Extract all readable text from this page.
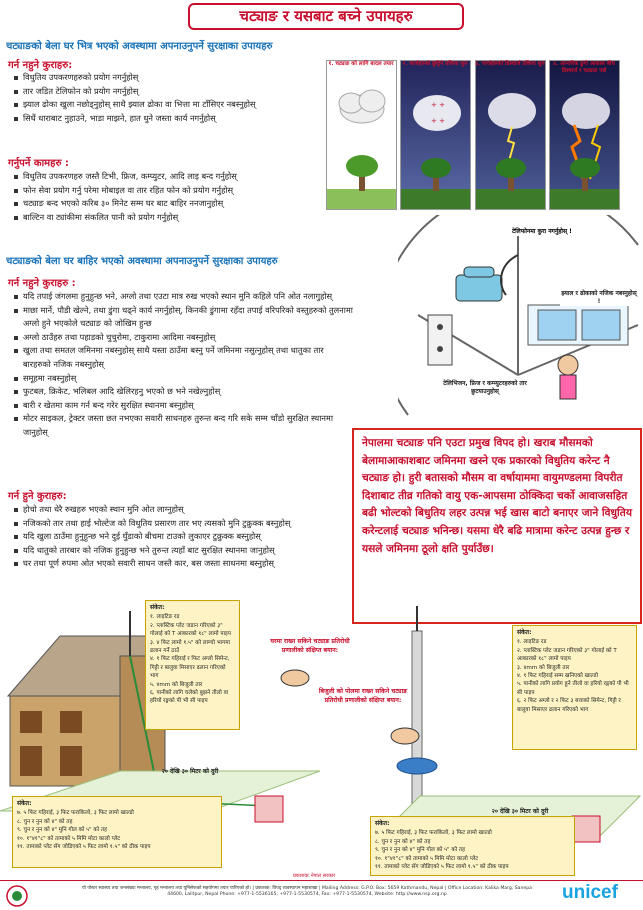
चट्याङ र यसबाट बच्ने उपायहरु
चट्याङको बेला घर भित्र भएको अवस्थामा अपनाउनुपर्ने सुरक्षाका उपायहरु
गर्न नहुने कुराहरु:
विधुतिय उपकरणहरुको प्रयोग नगर्नुहोस्
तार जडित टेलिफोन को प्रयोग नगर्नुहोस्
झ्याल ढोका खुला नछोड्नुहोस् साथै झ्याल ढोका वा भित्ता मा टाँसिएर नबस्नुहोस्
सिधैं धाराबाट नुहाउने, भाडा माझने, हात धुने जस्ता कार्य नगर्नुहोस्
गर्नुपर्ने कामहरु :
विधुतिय उपकरणहरु जस्तै टिभी, फ्रिज, कम्प्युटर, आदि लाइ बन्द गर्नुहोस्
फोन सेवा प्रयोग गर्नु परेमा मोबाइल वा तार रहित फोन को प्रयोग गर्नुहोस्
चट्याङ बन्द भएको करिब ३० मिनेट सम्म घर बाट बाहिर ननजानुहोस्
बाल्टिन वा ट्यांकीमा संकलित पानी को प्रयोग गर्नुहोस्
चट्याङको बेला घर बाहिर भएको अवस्थामा अपनाउनुपर्ने सुरक्षाका उपायहरु
गर्न नहुने कुराहरु :
यदि तपाई जंगलमा हुनुहुन्छ भने, अग्लो तथा एउटा मात्र रुख भएको स्थान मुनि कहिले पनि ओत नलागुहोस्
माछा मार्ने, पौडी खेल्ने, तथा डुंगा चढ्ने कार्य नगर्नुहोस्, किनकी डुंगामा रहँदा तपाई वरिपरिको वस्तुहरुको तुलनामा अग्लो हुने भएकोले चट्याङ को जोखिम हुन्छ
अग्लो ठाउँहरु तथा पहाडको चुचुरोमा, टाकुरामा आदिमा नबस्नुहोस्
खुला तथा समतल जमिनमा नबस्नुहोस् साथै यस्ता ठाउँमा बस्नु पर्ने जमिनमा नसुत्नुहोस् तथा धातुका तार बारहरुको नजिक नबस्नुहोस्
समूहमा नबस्नुहोस्
फुटबल, क्रिकेट, भलिबल आदि खेलिरहनु भएको छ भने नखेल्नुहोस्
बारी र खेतमा काम गर्न बन्द गरेर सुरक्षित स्थानमा बस्नुहोस्
मोटर साइकल, ट्रेक्टर जस्ता छत नभएका सवारी साधनहरु तुरुन्त बन्द गरि सके सम्म चाँडो सुरक्षित स्थानमा जानुहोस्
गर्न हुने कुराहरु:
होचो तथा धेरै रुखहरु भएको स्थान मुनि ओत लाग्नुहोस्
नजिकको तार तथा हाई भोल्टेज को विधुतिय प्रसारण तार भए त्यसको मुनि टुक्रुक्क बस्नुहोस्
यदि खुला ठाउँमा हुनुहुन्छ भने दुई घुँडाको बीचमा टाउको लुकाएर टुक्रुक्क बस्नुहोस्
यदि धातुको तारबार को नजिक हुनुहुन्छ भने तुरुन्त त्यहाँ बाट सुरक्षित स्थानमा जानुहोस्
घर तथा पूर्ण रुपमा ओत भएको सवारी साधन जस्तै कार, बस जस्ता साधनमा बस्नुहोस्
+ +
+ +
१. चट्याङ को लागि बादल तयार	२. चार्जहरुको छुट्टिने प्रकिया शुरु	३. चार्जहरुको डिस्चार्ज प्रकिया शुरु	४. आन्तरिक ढुंगो आकाश बीच डिस्चार्ज र चट्याङ पर्छ
टेलिफोनमा कुरा नगर्नुहोस् !
झ्याल र ढोकाको नजिक नबस्नुहोस् !
टेलिभिजन, फ्रिज र कम्प्युटरहरुको तार छुटयाउनुहोस्
नेपालमा चट्याङ पनि एउटा प्रमुख विपद हो। खराब मौसमको बेलामाआकाशबाट जमिनमा खस्ने एक प्रकारको विधुतिय करेन्ट नै चट्याङ हो। हुरी बतासको मौसम वा वर्षायाममा वायुमण्डलमा विपरीत दिशाबाट तीव्र गतिको वायु एक-आपसमा ठोक्किदा चर्को आवाजसहित बढी भोल्टको बिधुतिय लहर उत्पन्न भई खास बाटो बनाएर जाने विधुतिय करेन्टलाई चट्याङ भनिन्छ। यसमा धेरै बढि मात्रामा करेन्ट उत्पन्न हुन्छ र यसले जमिनमा ठूलो क्षति पुर्याउँछ।
संकेत:
१. लाइटिङ रड
२. प्लास्टिक प्लेट जडान गरिएको ३" गोलाई को T आकारको १८" लामो पाइप
३. ४ फिट लामो १.५" को लाम्चो भागमा ढलान गर्ने ठाउँ
४. १ फिट गहिराई र फिट अग्लो सिमेन्ट, गिट्टी र बालुवा मिसाएर ढलान गरिएको भाग
५. ४mm को बिजुली तार
६. पानीको लागि चलेको बुझने तीलो वा हरियो रङ्गको पी भी सी पाइप
संकेत:
७. ५ फिट गहिराई, ३ फिट फराकिलो, ३ फिट लामो खाल्डो
८. चुन र नुन को ४" को तह
९. चुन र नुन को ४" मुनि गोल को ५" को तह
१०. १"४१"८" को तामाको ५ मिमि मोटा कालो प्लेट
११. तामाको प्लेट सँग जोडिएको ५ फिट लामो १.५" को ठीक पाइप
संकेत:
१. लाइटिङ रड
२. प्लास्टिक प्लेट जडान गरिएको ३" गोलाई को T आकारको १८" लामो पाइप
३. ४mm को बिजुली तार
४. १ फिट गहिराई सम्म खनिएको खाल्डो
५. पानीको लागि प्रयोग हुने तीलो वा हरियो रङ्गको पी भी सी पाइप
६. २ फिट अग्लो र २ फिट ३ बत्ताको सिमेन्ट, गिट्टी र बालुवा मिसाएर ढलान गरिएको भाग
संकेत:
७. ५ फिट गहिराई, ३ फिट फराकिलो, ३ फिट लामो खाल्डो
८. चुन र नुन को ४" को तह
९. चुन र नुन को ४" मुनि गोल को ५" को तह
१०. १"४१"८" को तामाको ५ मिमि मोटा कालो प्लेट
११. तामाको प्लेट सँग जोडिएको ५ फिट लामो १.५" को ठीक पाइप
घरमा राख्न सकिने चट्याङ प्रतिरोधी प्रणालीको संक्षिप्त बयान:
बिजुली को पोलमा राख्न सकिने चट्याङ प्रतिरोधी प्रणालीको संक्षिप्त बयान:
२० देखि ३० मिटर को दुरी
२० देखि ३० मिटर को दुरी
प्रकाशकः नेपाल सरकार
यो पोस्टर स्वास्थ्य तथा जनसंख्या मन्त्रालय, गृह मन्त्रालय तथा यूनिसेफको सहयोगमा तयार पारिएको हो। | प्रकाशक: विपद् व्यवस्थापन महाशाखा | Mailing Address: G.P.O. Box: 5659 Kathmandu, Nepal | Office Location: Kalika Marg, Sanepa 44600, Lalitpur, Nepal Phone: +977-1-5536165, +977-1-5530574, Fax: +977-1-5530574, Website: http://www.nsp.org.np	unicef
